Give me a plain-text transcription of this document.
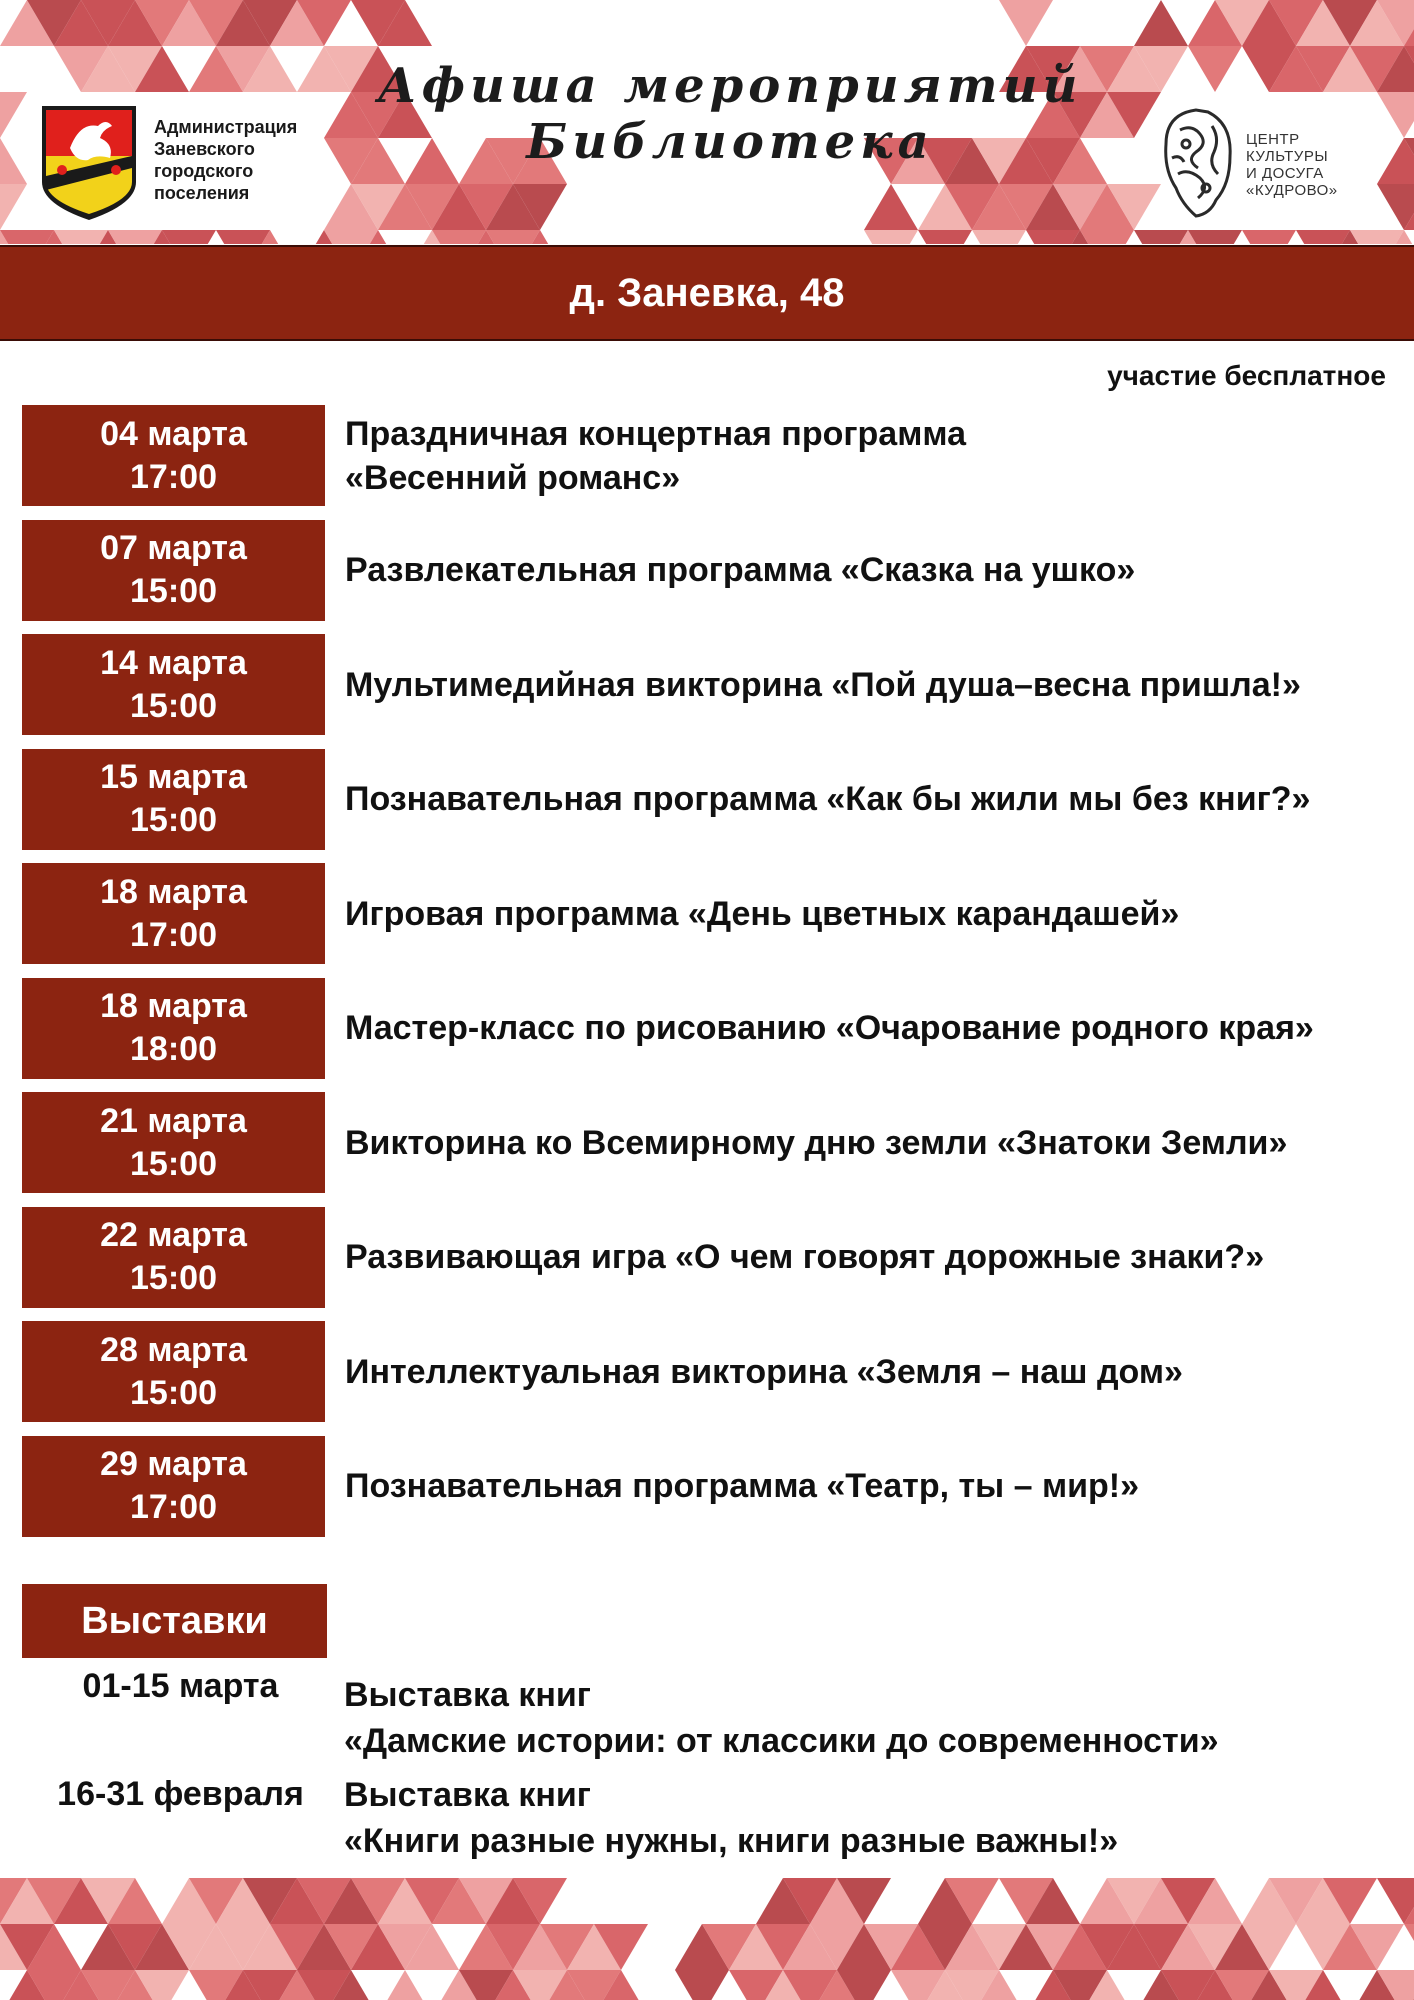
Администрация
Заневского
городского
поселения
Афиша мероприятий
Библиотека	ЦЕНТР
КУЛЬТУРЫ
И ДОСУГА
«КУДРОВО»
д. Заневка, 48
участие бесплатное
04 марта
17:00
Праздничная концертная программа
«Весенний романс»
07 марта
15:00
Развлекательная программа «Сказка на ушко»
14 марта
15:00
Мультимедийная викторина «Пой душа–весна пришла!»
15 марта
15:00
Познавательная программа «Как бы жили мы без книг?»
18 марта
17:00
Игровая программа «День цветных карандашей»
18 марта
18:00
Мастер-класс по рисованию «Очарование родного края»
21 марта
15:00
Викторина ко Всемирному дню земли «Знатоки Земли»
22 марта
15:00
Развивающая игра «О чем говорят дорожные знаки?»
28 марта
15:00
Интеллектуальная викторина «Земля – наш дом»
29 марта
17:00
Познавательная программа «Театр, ты – мир!»
Выставки
01-15 марта	Выставка книг
«Дамские истории: от классики до современности»
16-31 февраля	Выставка книг
«Книги разные нужны, книги разные важны!»
